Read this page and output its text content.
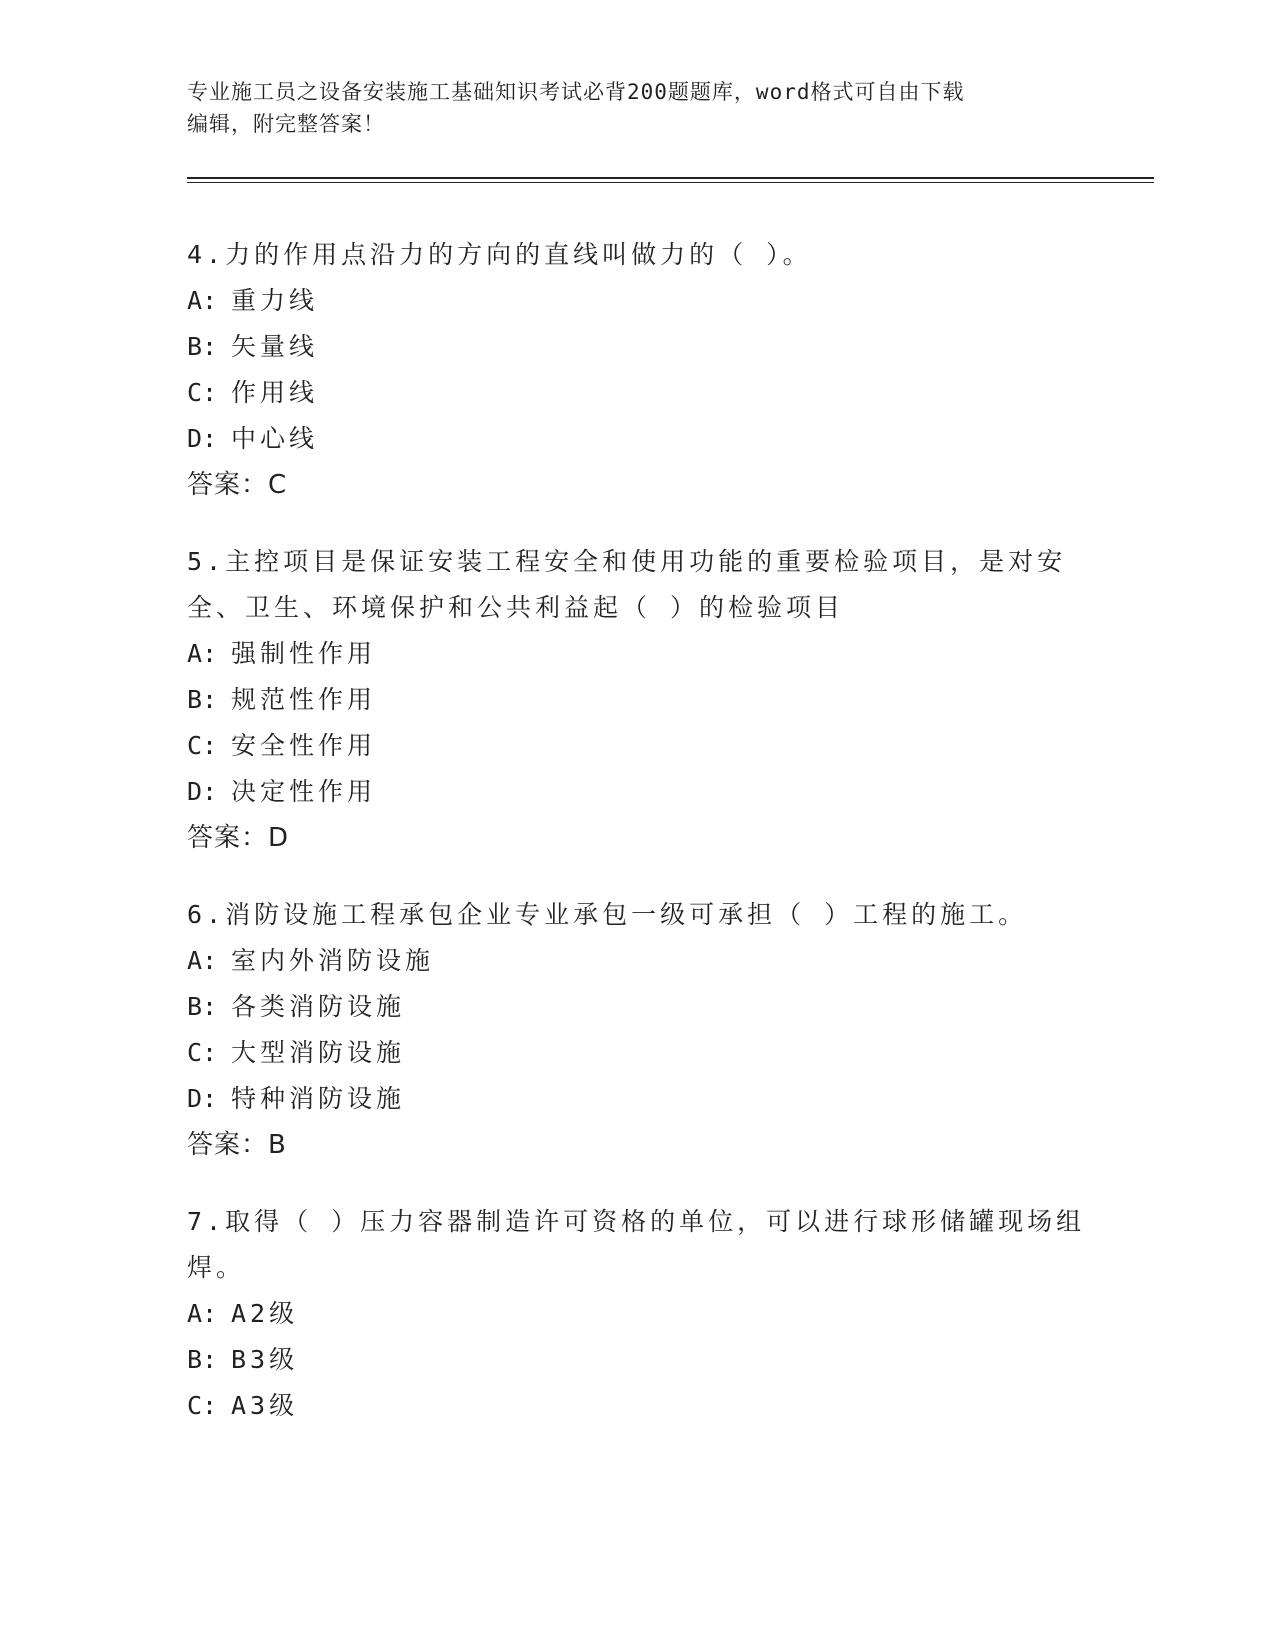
专业施工员之设备安装施工基础知识考试必背200题题库，word格式可自由下载
编辑，附完整答案！
4.力的作用点沿力的方向的直线叫做力的（ ）。
A: 重力线
B: 矢量线
C: 作用线
D: 中心线
答案：C
5.主控项目是保证安装工程安全和使用功能的重要检验项目，是对安
全、卫生、环境保护和公共利益起（ ）的检验项目
A: 强制性作用
B: 规范性作用
C: 安全性作用
D: 决定性作用
答案：D
6.消防设施工程承包企业专业承包一级可承担（ ）工程的施工。
A: 室内外消防设施
B: 各类消防设施
C: 大型消防设施
D: 特种消防设施
答案：B
7.取得（ ）压力容器制造许可资格的单位，可以进行球形储罐现场组
焊。
A: A2级
B: B3级
C: A3级
